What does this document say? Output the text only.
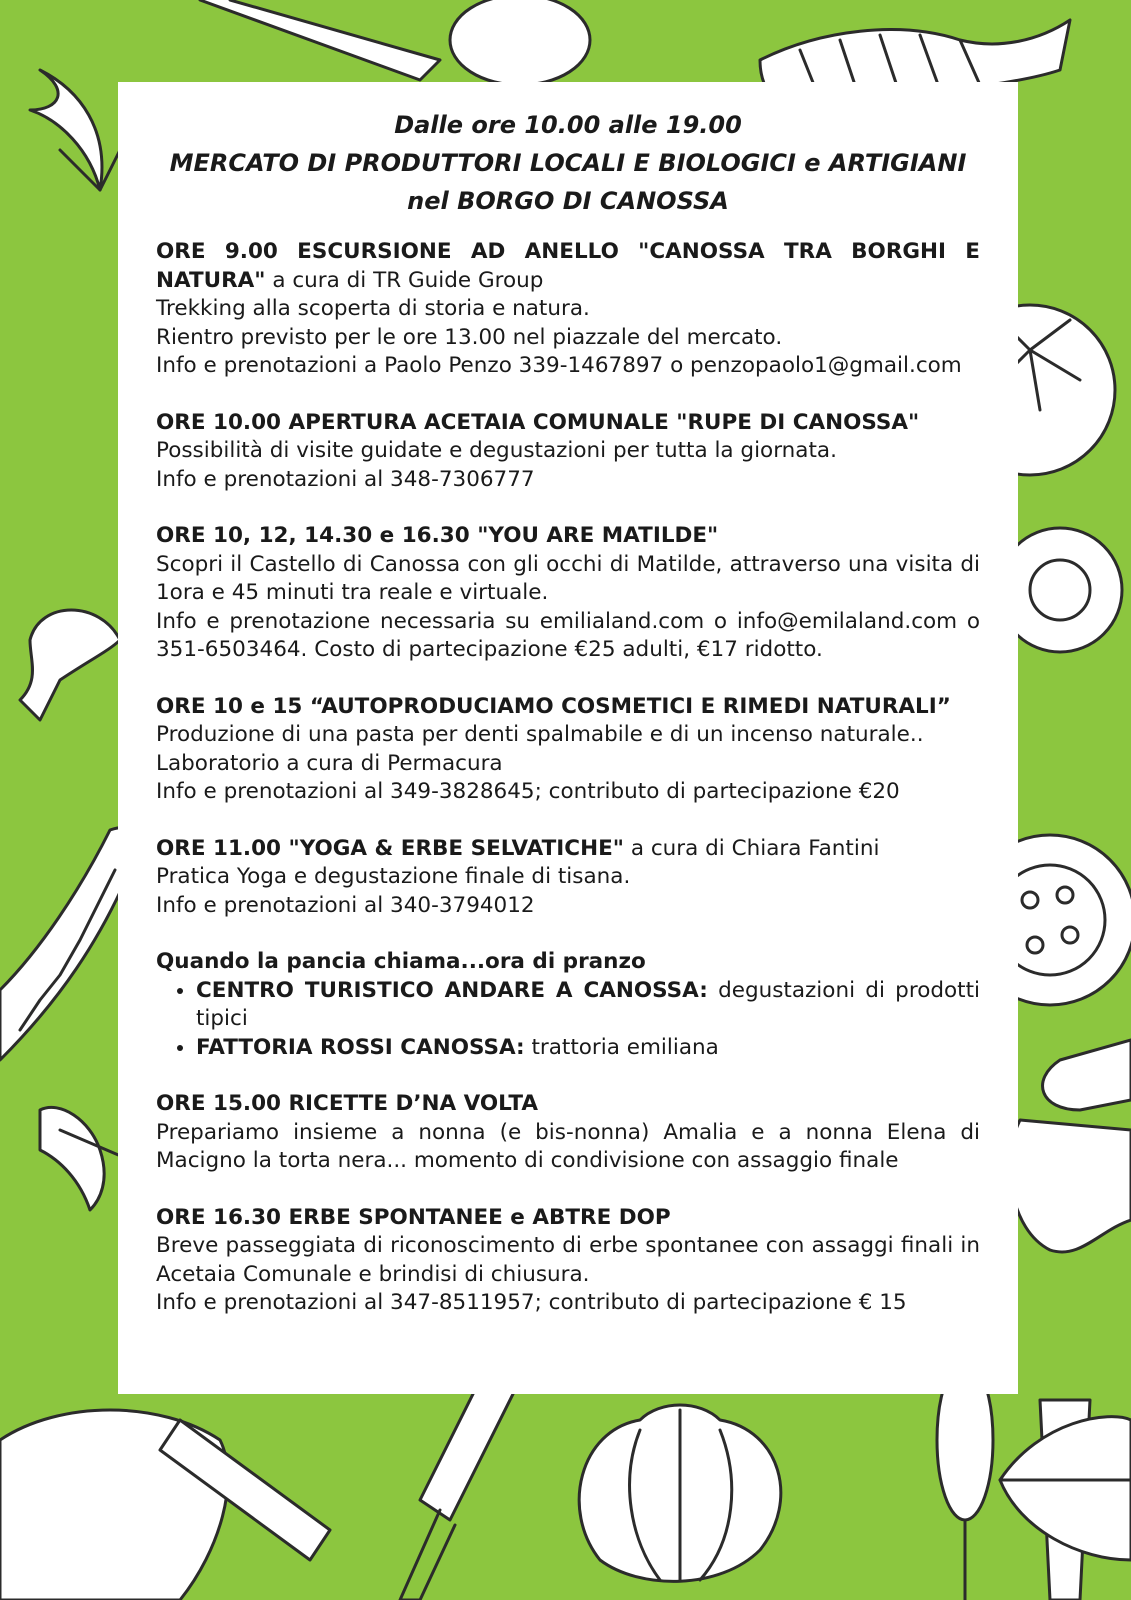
Dalle ore 10.00 alle 19.00
MERCATO DI PRODUTTORI LOCALI E BIOLOGICI e ARTIGIANI
nel BORGO DI CANOSSA

ORE 9.00 ESCURSIONE AD ANELLO "CANOSSA TRA BORGHI E NATURA" a cura di TR Guide Group

Trekking alla scoperta di storia e natura.

Rientro previsto per le ore 13.00 nel piazzale del mercato.

Info e prenotazioni a Paolo Penzo 339-1467897 o penzopaolo1@gmail.com

ORE 10.00 APERTURA ACETAIA COMUNALE "RUPE DI CANOSSA"

Possibilità di visite guidate e degustazioni per tutta la giornata.

Info e prenotazioni al 348-7306777

ORE 10, 12, 14.30 e 16.30 "YOU ARE MATILDE"

Scopri il Castello di Canossa con gli occhi di Matilde, attraverso una visita di 1ora e 45 minuti tra reale e virtuale.

Info e prenotazione necessaria su emilialand.com o info@emilaland.com o 351-6503464. Costo di partecipazione €25 adulti, €17 ridotto.

ORE 10 e 15 “AUTOPRODUCIAMO COSMETICI E RIMEDI NATURALI”

Produzione di una pasta per denti spalmabile e di un incenso naturale..

Laboratorio a cura di Permacura

Info e prenotazioni al 349-3828645; contributo di partecipazione €20

ORE 11.00 "YOGA & ERBE SELVATICHE" a cura di Chiara Fantini

Pratica Yoga e degustazione finale di tisana.

Info e prenotazioni al 340-3794012

Quando la pancia chiama...ora di pranzo

• CENTRO TURISTICO ANDARE A CANOSSA: degustazioni di prodotti tipici
• FATTORIA ROSSI CANOSSA: trattoria emiliana

ORE 15.00 RICETTE D’NA VOLTA

Prepariamo insieme a nonna (e bis-nonna) Amalia e a nonna Elena di Macigno la torta nera... momento di condivisione con assaggio finale

ORE 16.30 ERBE SPONTANEE e ABTRE DOP

Breve passeggiata di riconoscimento di erbe spontanee con assaggi finali in Acetaia Comunale e brindisi di chiusura.

Info e prenotazioni al 347-8511957; contributo di partecipazione € 15
